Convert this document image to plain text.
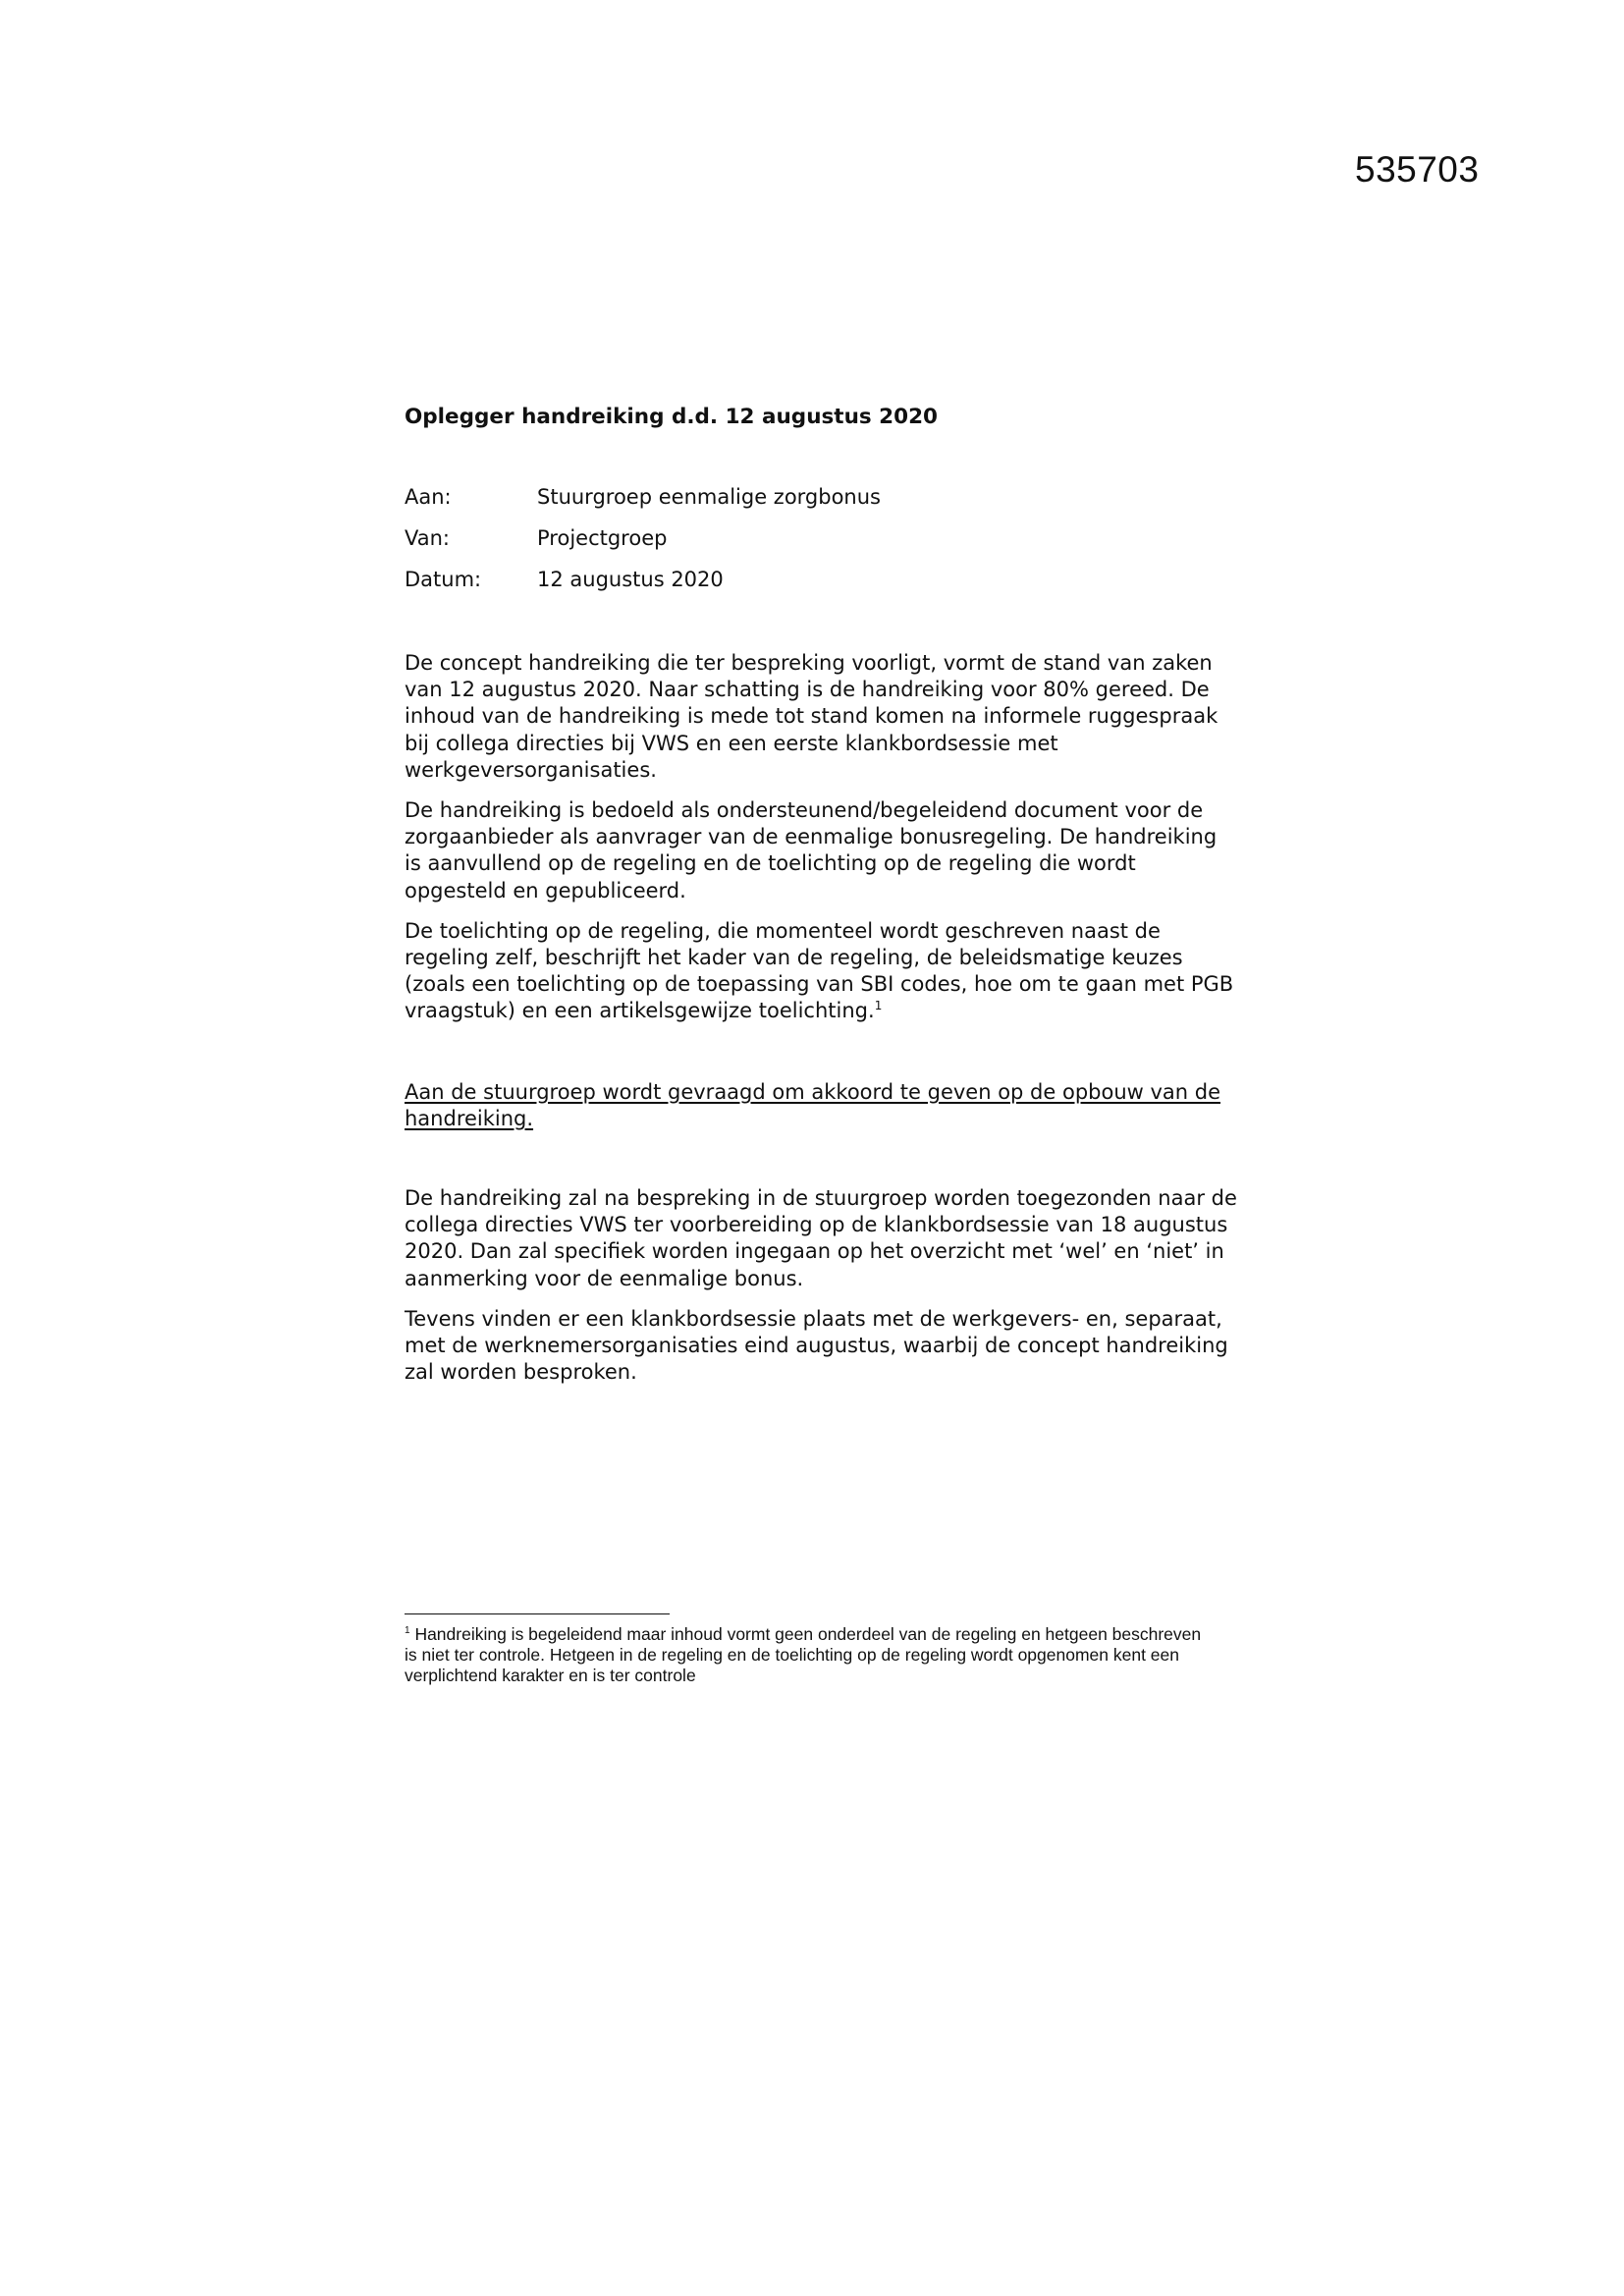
535703
Oplegger handreiking d.d. 12 augustus 2020
Aan:	Stuurgroep eenmalige zorgbonus
Van:	Projectgroep
Datum:	12 augustus 2020

De concept handreiking die ter bespreking voorligt, vormt de stand van zaken van 12 augustus 2020. Naar schatting is de handreiking voor 80% gereed. De inhoud van de handreiking is mede tot stand komen na informele ruggespraak bij collega directies bij VWS en een eerste klankbordsessie met werkgeversorganisaties.

De handreiking is bedoeld als ondersteunend/begeleidend document voor de zorgaanbieder als aanvrager van de eenmalige bonusregeling. De handreiking is aanvullend op de regeling en de toelichting op de regeling die wordt opgesteld en gepubliceerd.

De toelichting op de regeling, die momenteel wordt geschreven naast de regeling zelf, beschrijft het kader van de regeling, de beleidsmatige keuzes (zoals een toelichting op de toepassing van SBI codes, hoe om te gaan met PGB vraagstuk) en een artikelsgewijze toelichting.$^1$

Aan de stuurgroep wordt gevraagd om akkoord te geven op de opbouw van de handreiking.

De handreiking zal na bespreking in de stuurgroep worden toegezonden naar de collega directies VWS ter voorbereiding op de klankbordsessie van 18 augustus 2020. Dan zal specifiek worden ingegaan op het overzicht met ‘wel’ en ‘niet’ in aanmerking voor de eenmalige bonus.

Tevens vinden er een klankbordsessie plaats met de werkgevers- en, separaat, met de werknemersorganisaties eind augustus, waarbij de concept handreiking zal worden besproken.

$^1$ Handreiking is begeleidend maar inhoud vormt geen onderdeel van de regeling en hetgeen beschreven is niet ter controle. Hetgeen in de regeling en de toelichting op de regeling wordt opgenomen kent een verplichtend karakter en is ter controle
